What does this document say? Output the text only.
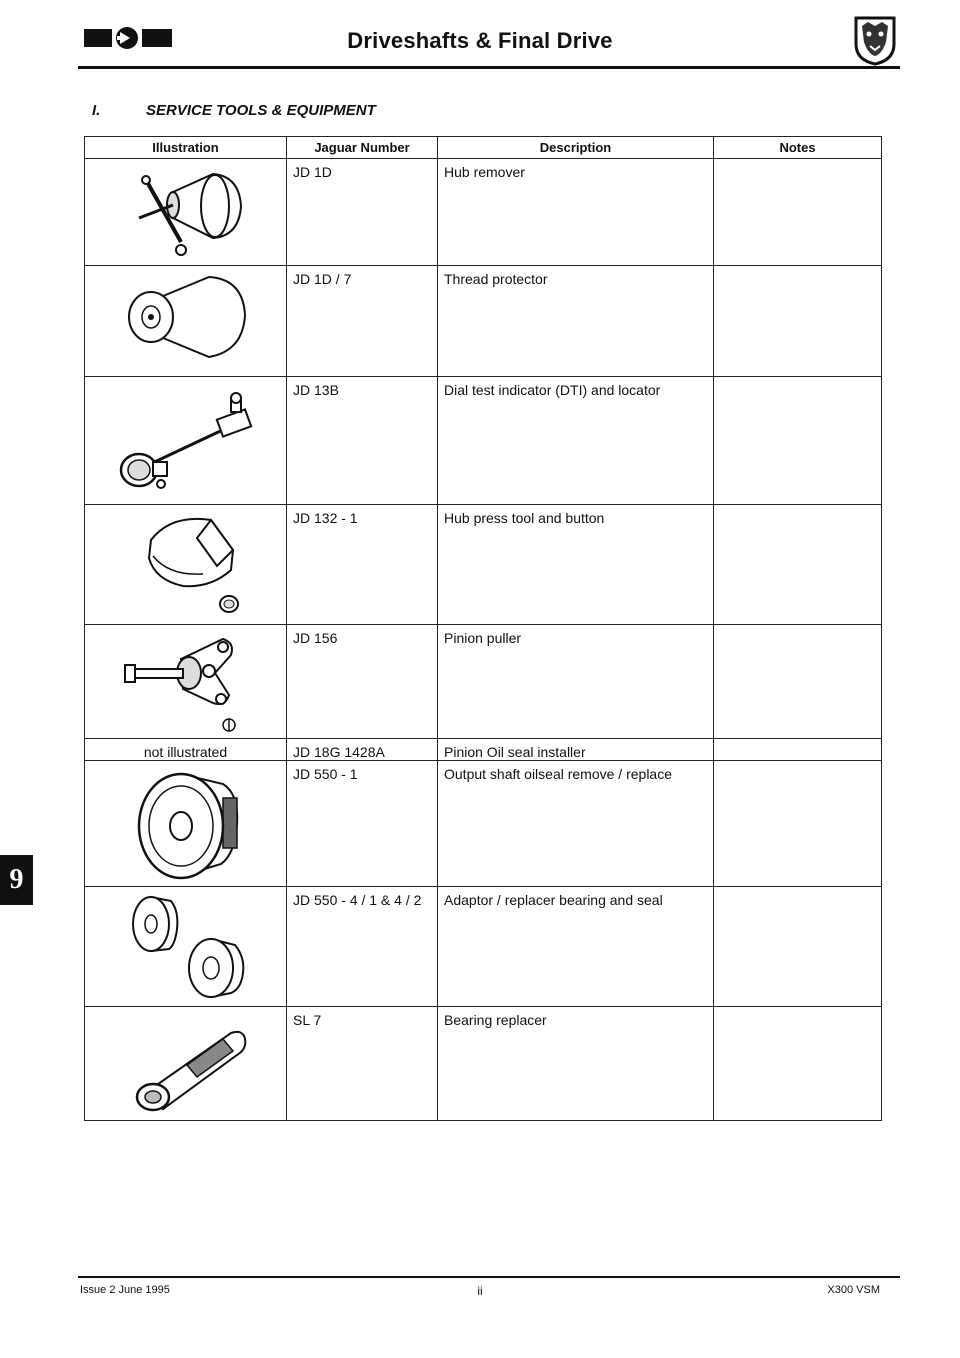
Driveshafts & Final Drive
I.	SERVICE TOOLS & EQUIPMENT
Illustration	Jaguar Number	Description	Notes

	JD 1D	Hub remover	

	JD 1D / 7	Thread protector	

	JD 13B	Dial test indicator (DTI) and locator	

	JD 132 - 1	Hub press tool and button	

	JD 156	Pinion puller	

not illustrated	JD 18G 1428A	Pinion Oil seal installer	

	JD 550 - 1	Output shaft oilseal remove / replace	

	JD 550 - 4 / 1 & 4 / 2	Adaptor / replacer bearing and seal	

	SL 7	Bearing replacer	
9
Issue 2 June 1995	ii	X300 VSM
